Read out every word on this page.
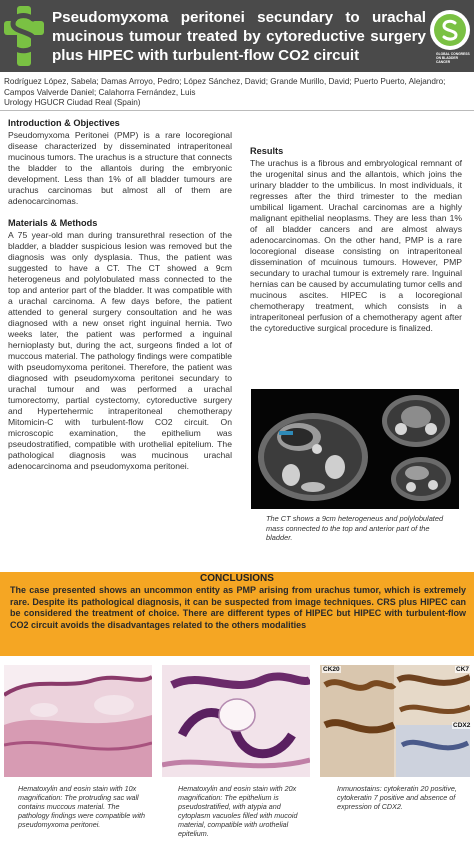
Pseudomyxoma peritonei secundary to urachal mucinous tumour treated by cytoreductive surgery plus HIPEC with turbulent-flow CO2 circuit	GLOBAL CONGRESS ON BLADDER CANCER
Rodríguez López, Sabela; Damas Arroyo, Pedro; López Sánchez, David; Grande Murillo, David; Puerto Puerto, Alejandro; Campos Valverde Daniel; Calahorra Fernández, Luis
Urology HGUCR Ciudad Real (Spain)
Introduction & Objectives

Pseudomyxoma Peritonei (PMP) is a rare locoregional disease characterized by disseminated intraperitoneal mucinous tumors. The urachus is a structure that connects the bladder to the allantois during the embryonic development. Less than 1% of all bladder tumours are urachus carcinomas but almost all of them are adenocarcinomas.

Materials & Methods

A 75 year-old man during transurethral resection of the bladder, a bladder suspicious lesion was removed but the diagnosis was only dysplasia. Thus, the patient was suggested to have a CT. The CT showed a 9cm heterogeneus and polylobulated mass connected to the top and anterior part of the bladder. It was compatible with a urachal carcinoma. A few days before, the patient attended to general surgery consoultation and he was diagnosed with a new onset right inguinal hernia. Two weeks later, the patient was performed a inguinal hernioplasty but, during the act, surgeons finded a lot of muccous material. The pathology findings were compatible with pseudomyxoma peritonei. Therefore, the patient was diagnosed with pseudomyxoma peritonei secundary to urachal tumour and was performed a urachal tumorectomy, partial cystectomy, cytoreductive surgery and Hypertehermic intraperitoneal chemotherapy Mitomicin-C with turbulent-flow CO2 circuit. On microscopic examination, the epithelium was pseudostratified, compatible with urothelial epitelium. The pathological diagnosis was mucinous urachal adenocarcinoma and pseudomyxoma peritonei.

Results

The urachus is a fibrous and embryological remnant of the urogenital sinus and the allantois, which joins the urinary bladder to the umbilicus. In most individuals, it regresses after the third trimester to the median umbilical ligament. Urachal carcinomas are a highly malignant epithelial neoplasms. They are less than 1% of all bladder cancers and are almost always adenocarcinomas. On the other hand, PMP is a rare locoregional disease consisting on intraperitoneal dissemination of mcuinous tumours. However, PMP secundary to urachal tumour is extremely rare. Inguinal hernias can be caused by accumulating tumor cells and mucinous ascites. HIPEC is a locoregional chemotherapy treatment, which consists in a intraperitoneal perfusion of a chemotherapy agent after the cytoreductive surgical procedure is finalized.

The CT shows a 9cm heterogeneus and polylobulated mass connected to the top and anterior part of the bladder.
CONCLUSIONS
The case presented shows an uncommon entity as PMP arising from urachus tumor, which is extremely rare. Despite its pathological diagnosis, it can be suspected from image techniques. CRS plus HIPEC can be considered the treatment of choice. There are different types of HIPEC but HIPEC with turbulent-flow CO2 circuit avoids the disadvantages related to the others modalities
CK20	CK7
CDX2
Hematoxylin and eosin stain with 10x magnification: The protruding sac wall contains muccous material. The pathology findings were compatible with pseudomyxoma peritonei.
Hematoxylin and eosin stain with 20x magnification: The epithelium is pseudostratified, with atypia and cytoplasm vacuoles filled with mucoid material, compatible with urothelial epitelium.
Inmunostains: cytokeratin 20 positive, cytokeratin 7 positive and absence of expression of CDX2.
